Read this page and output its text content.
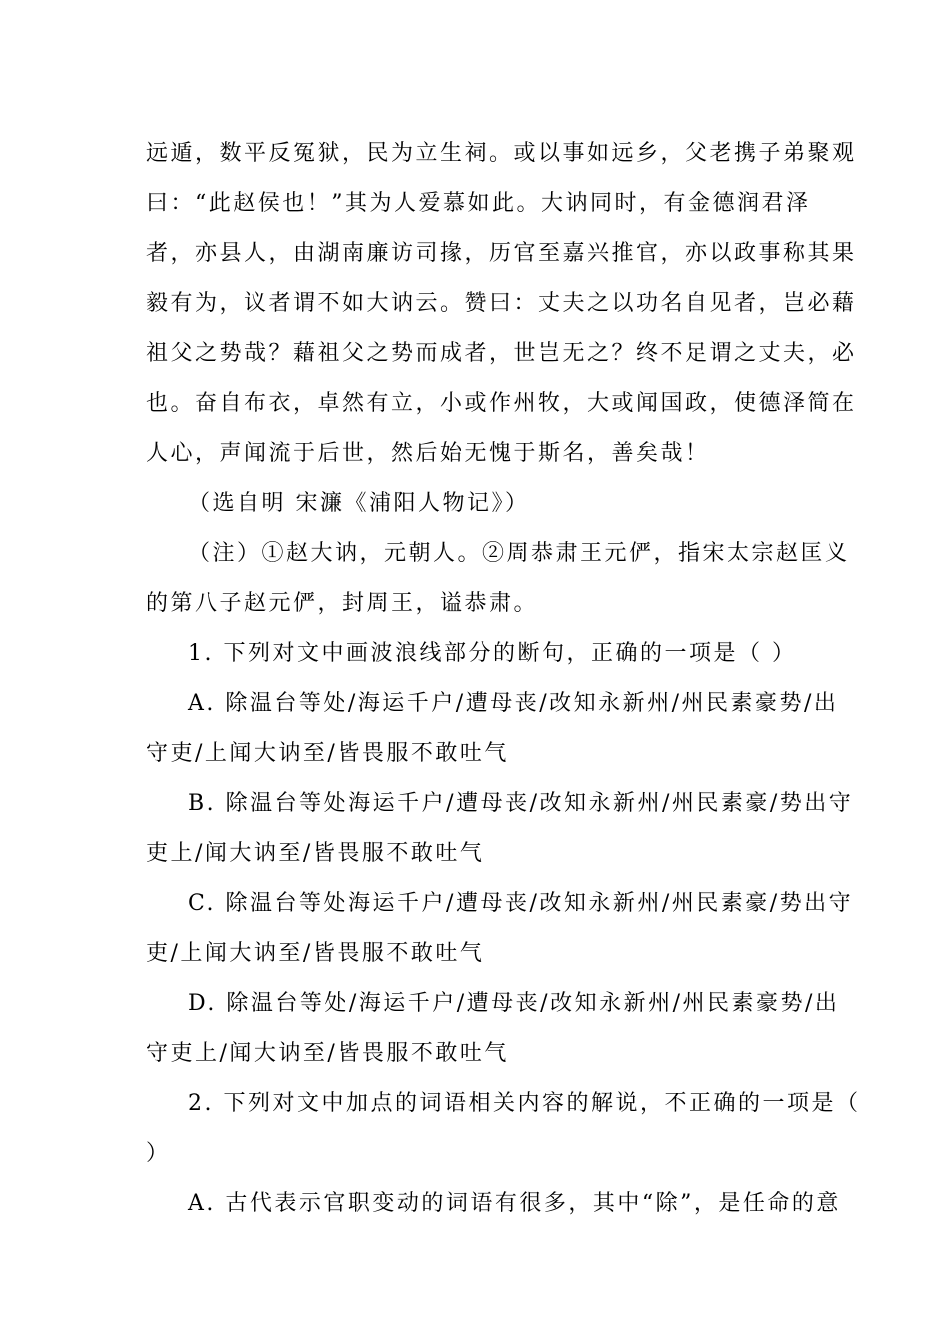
远遁，数平反冤狱，民为立生祠。或以事如远乡，父老携子弟聚观
曰：“此赵侯也！”其为人爱慕如此。大讷同时，有金德润君泽
者，亦县人，由湖南廉访司掾，历官至嘉兴推官，亦以政事称其果
毅有为，议者谓不如大讷云。赞曰：丈夫之以功名自见者，岂必藉
祖父之势哉？藉祖父之势而成者，世岂无之？终不足谓之丈夫，必
也。奋自布衣，卓然有立，小或作州牧，大或闻国政，使德泽简在
人心，声闻流于后世，然后始无愧于斯名，善矣哉！
（选自明 宋濂《浦阳人物记》）
（注）①赵大讷，元朝人。②周恭肃王元俨，指宋太宗赵匡义
的第八子赵元俨，封周王，谥恭肃。
1. 下列对文中画波浪线部分的断句，正确的一项是（ ）
A. 除温台等处/海运千户/遭母丧/改知永新州/州民素豪势/出
守吏/上闻大讷至/皆畏服不敢吐气
B. 除温台等处海运千户/遭母丧/改知永新州/州民素豪/势出守
吏上/闻大讷至/皆畏服不敢吐气
C. 除温台等处海运千户/遭母丧/改知永新州/州民素豪/势出守
吏/上闻大讷至/皆畏服不敢吐气
D. 除温台等处/海运千户/遭母丧/改知永新州/州民素豪势/出
守吏上/闻大讷至/皆畏服不敢吐气
2. 下列对文中加点的词语相关内容的解说，不正确的一项是（
）
A. 古代表示官职变动的词语有很多，其中“除”，是任命的意
